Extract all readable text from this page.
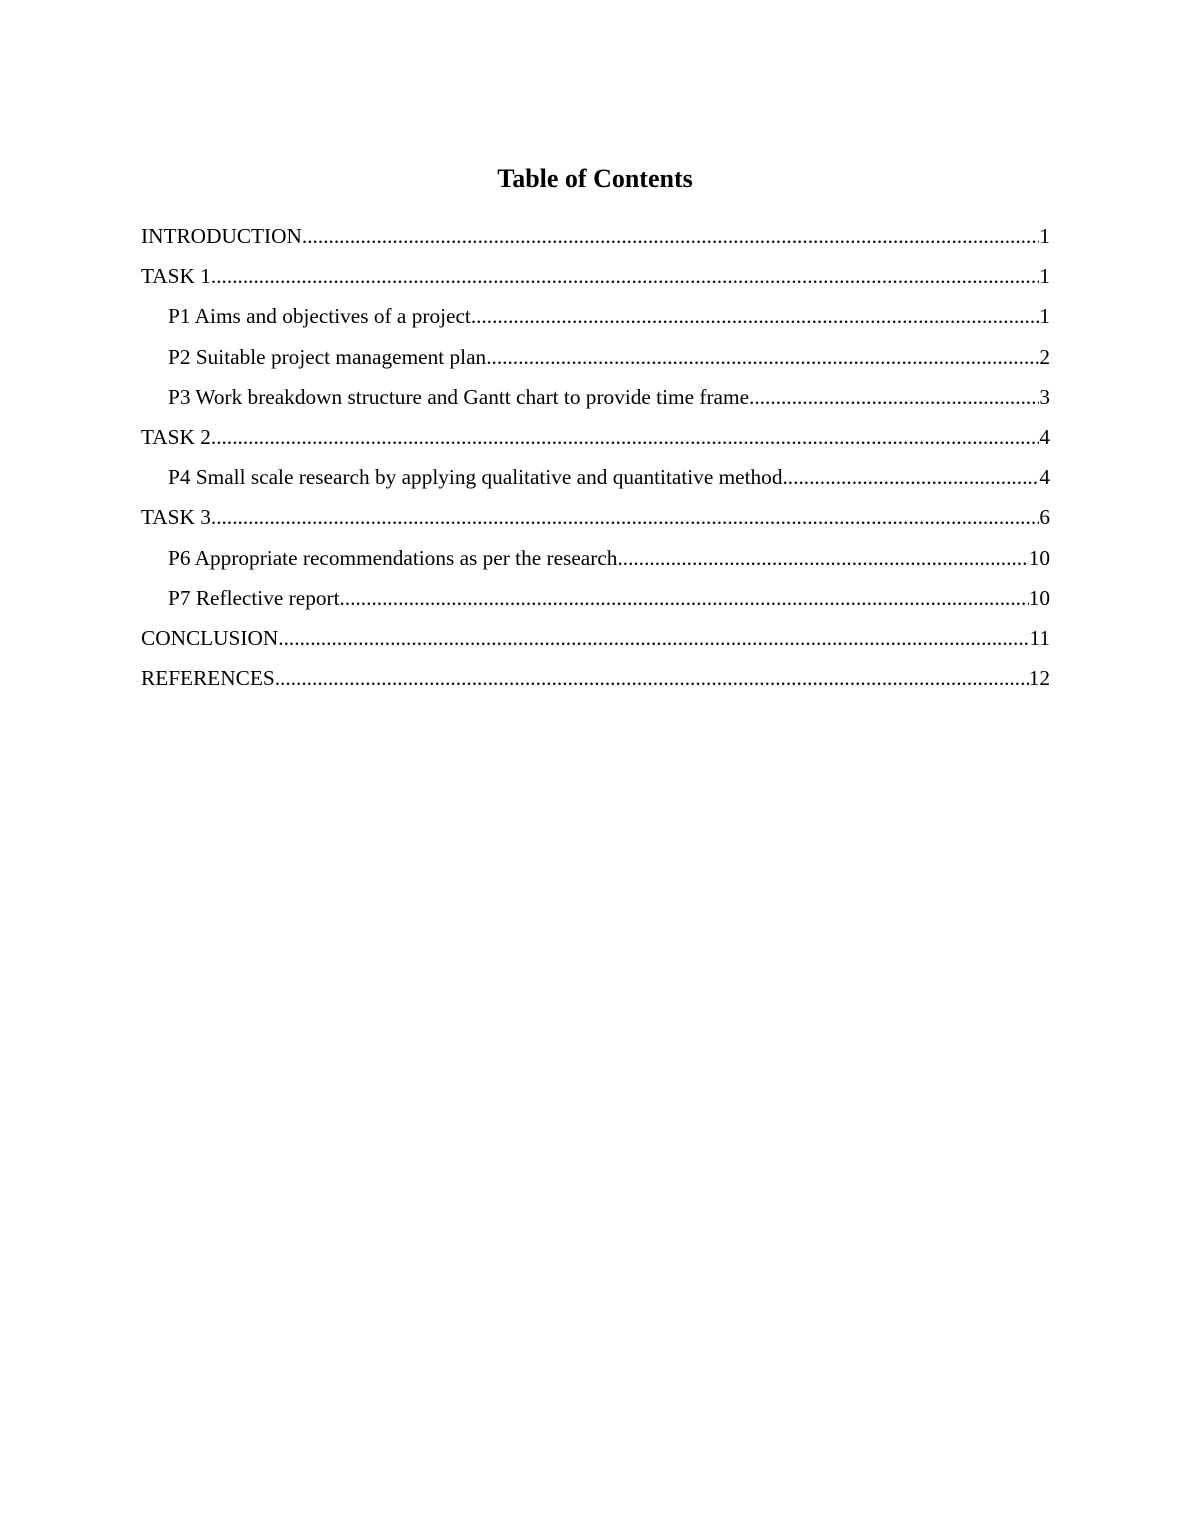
Table of Contents
INTRODUCTION .....	1
TASK 1 .....	1
P1 Aims and objectives of a project .....	1
P2 Suitable project management plan .....	2
P3 Work breakdown structure and Gantt chart to provide time frame .....	3
TASK 2 .....	4
P4 Small scale research by applying qualitative and quantitative method .....	4
TASK 3 .....	6
P6 Appropriate recommendations as per the research .....	10
P7 Reflective report .....	10
CONCLUSION .....	11
REFERENCES .....	12
